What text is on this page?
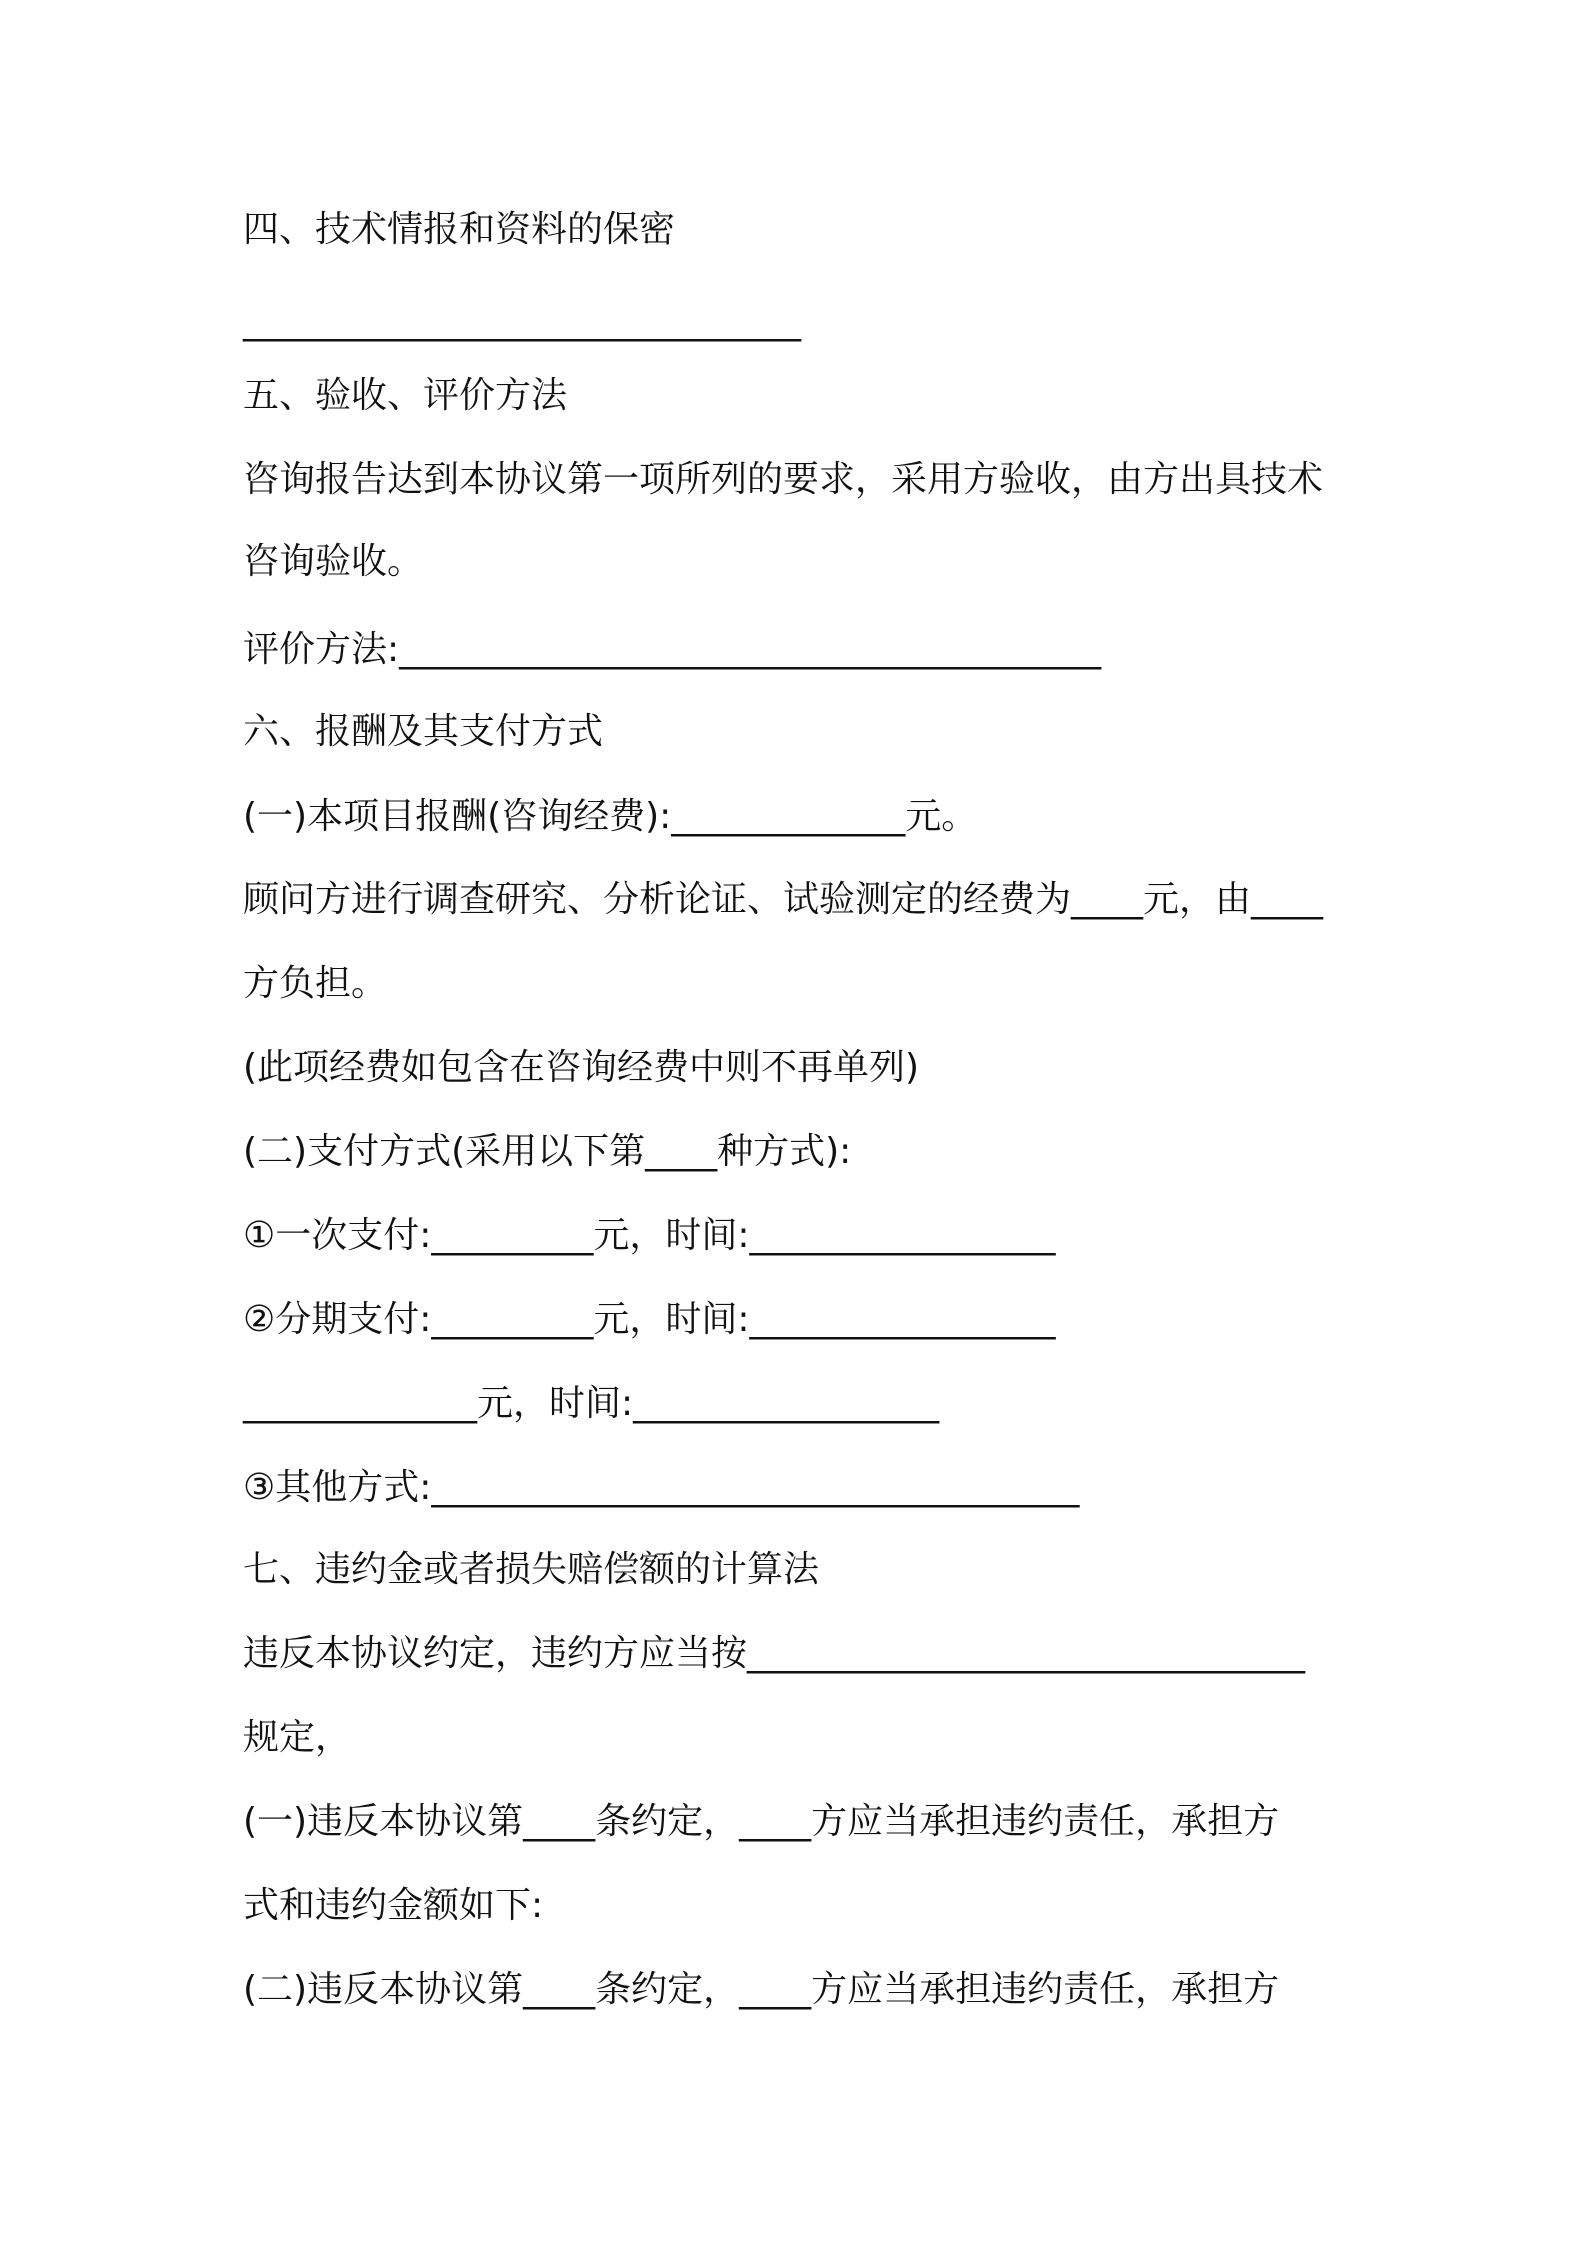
四、技术情报和资料的保密
_______________________________
五、验收、评价方法
咨询报告达到本协议第一项所列的要求，采用方验收，由方出具技术
咨询验收。
评价方法:_______________________________________
六、报酬及其支付方式
(一)本项目报酬(咨询经费):_____________元。
顾问方进行调查研究、分析论证、试验测定的经费为____元，由____
方负担。
(此项经费如包含在咨询经费中则不再单列)
(二)支付方式(采用以下第____种方式):
①一次支付:_________元，时间:_________________
②分期支付:_________元，时间:_________________
_____________元，时间:_________________
③其他方式:____________________________________
七、违约金或者损失赔偿额的计算法
违反本协议约定，违约方应当按_______________________________
规定，
(一)违反本协议第____条约定，____方应当承担违约责任，承担方
式和违约金额如下:
(二)违反本协议第____条约定，____方应当承担违约责任，承担方
